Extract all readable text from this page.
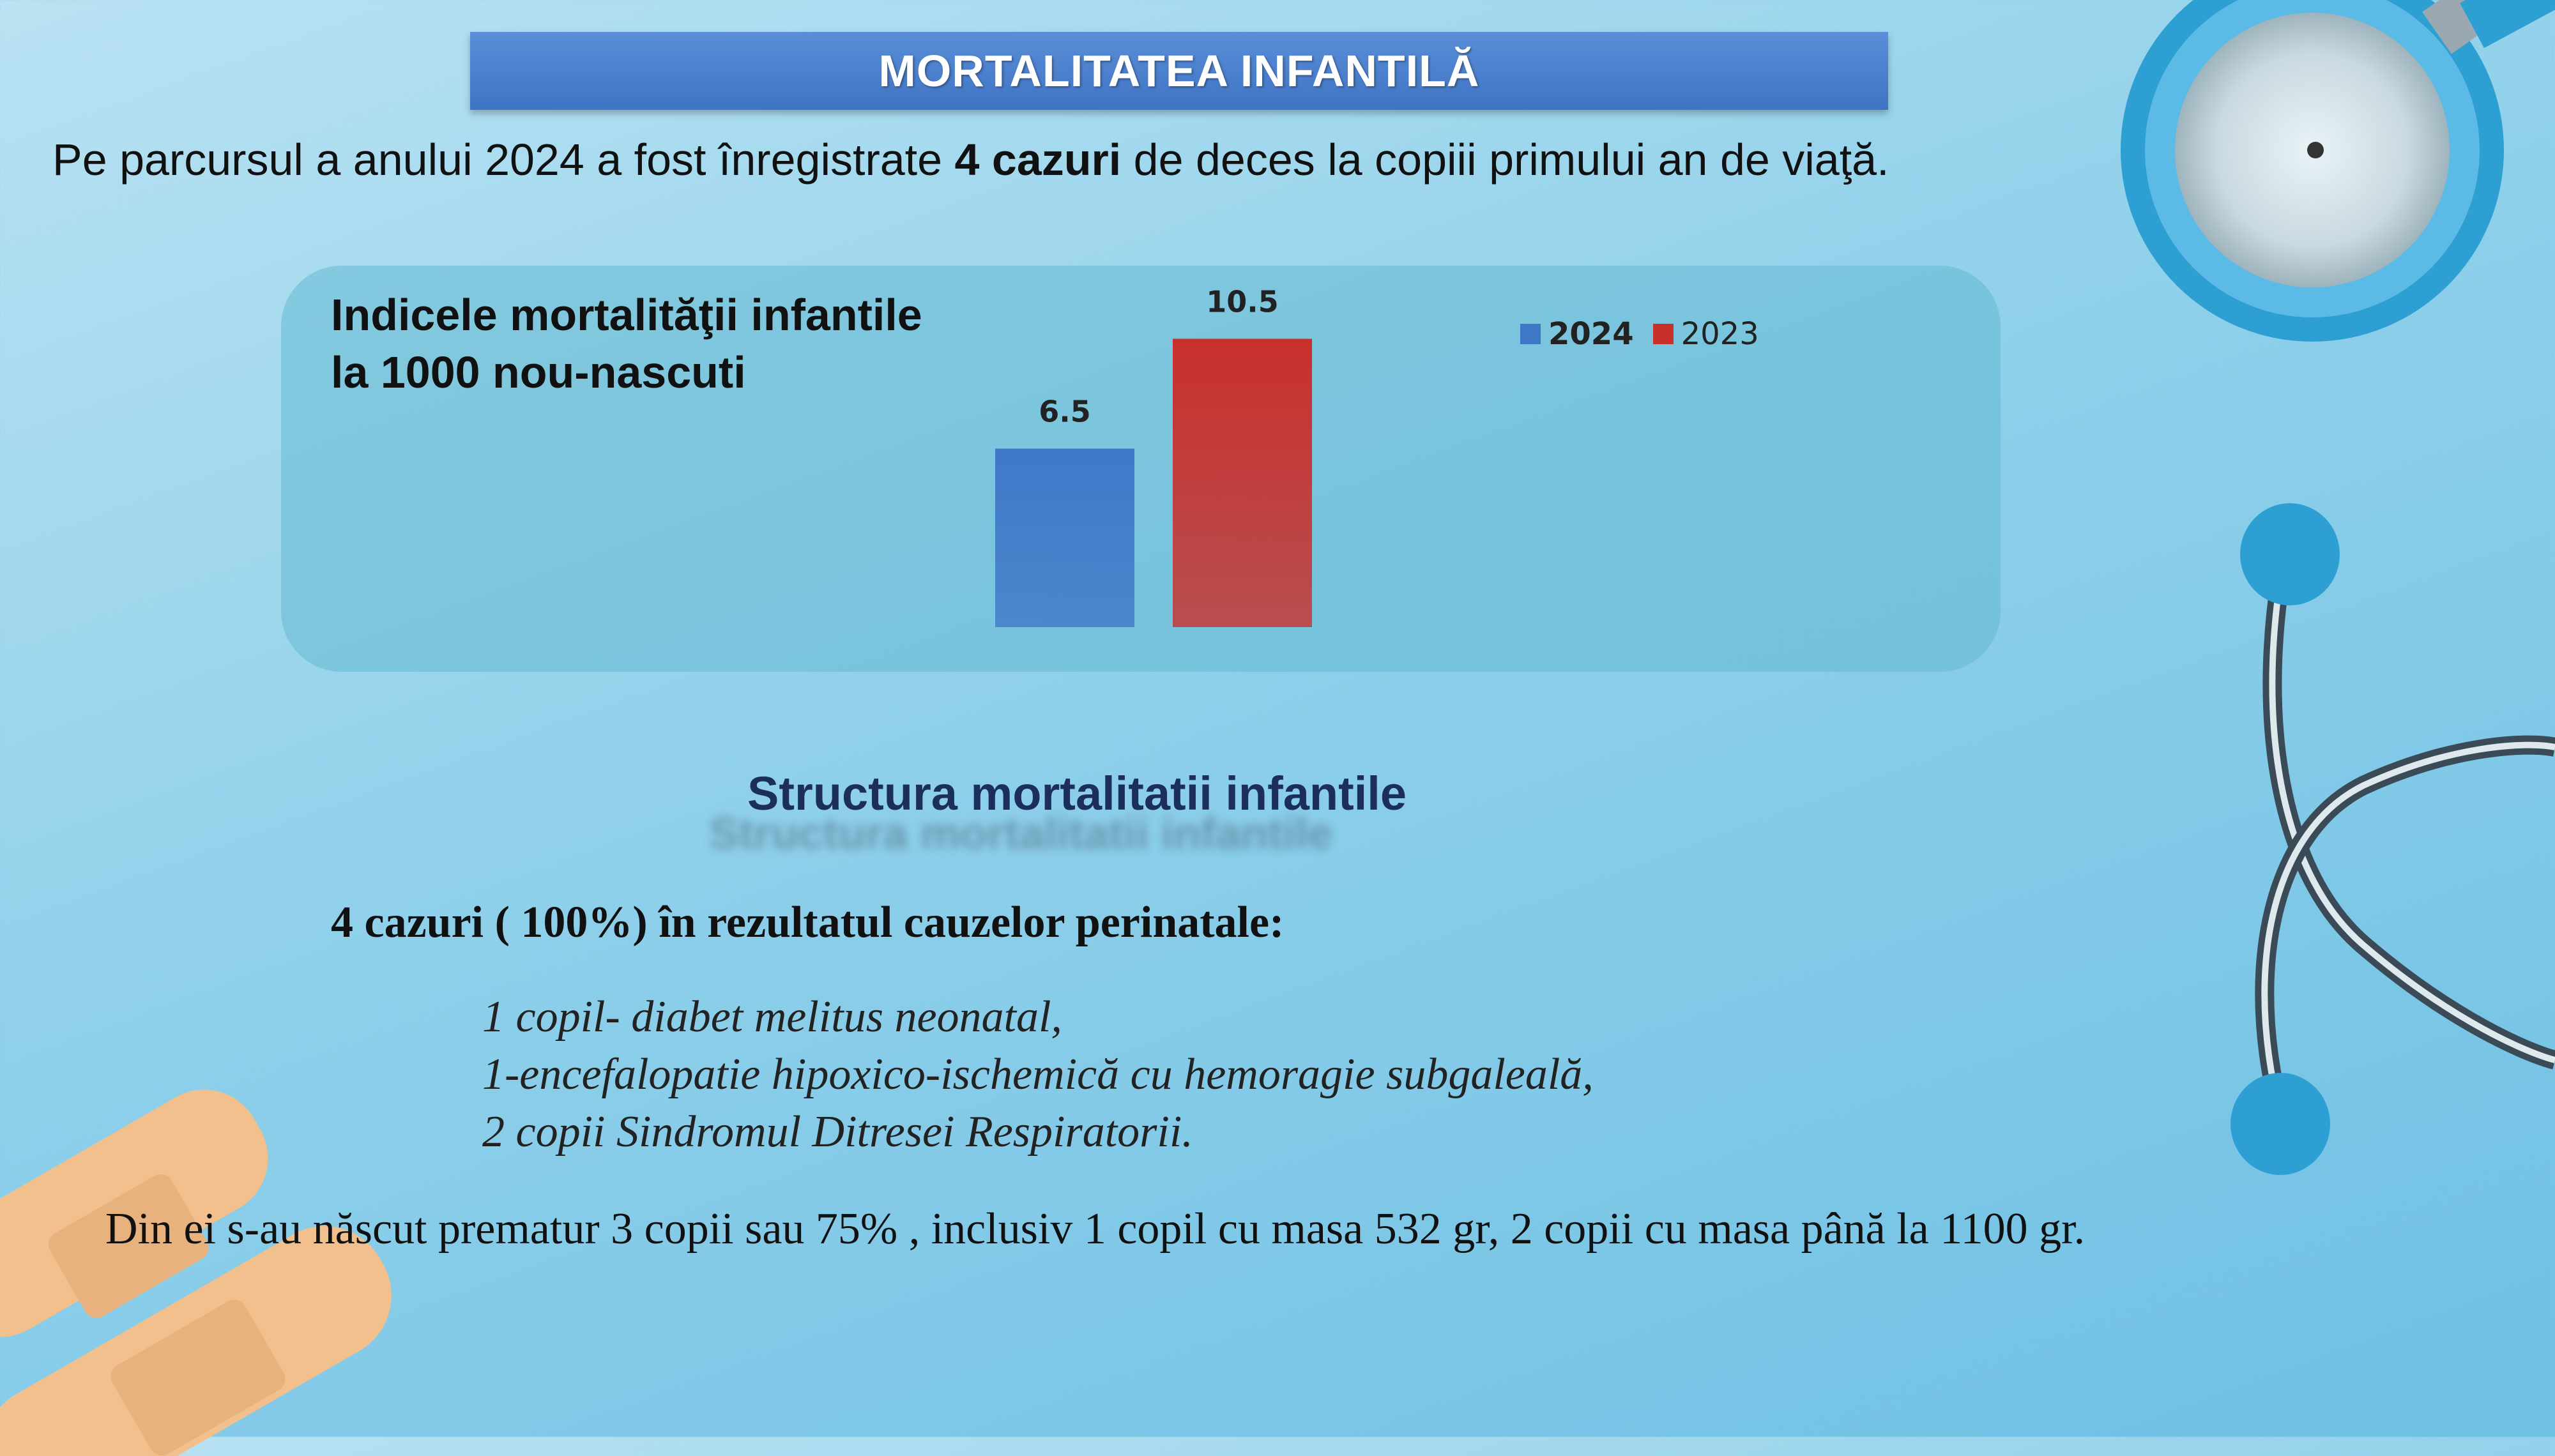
MORTALITATEA INFANTILĂ
Pe parcursul a anului 2024 a fost înregistrate 4 cazuri de deces la copiii primului an de viaţă.
Indicele mortalităţii infantile
la 1000 nou-nascuti
6.5
10.5
2024 2023
Structura mortalitatii infantile
Structura mortalitatii infantile
4 cazuri ( 100%) în rezultatul cauzelor perinatale:
1 copil- diabet melitus neonatal,
1-encefalopatie hipoxico-ischemică cu hemoragie subgaleală,
2 copii Sindromul Ditresei Respiratorii.
Din ei s-au născut prematur 3 copii sau 75% , inclusiv 1 copil cu masa 532 gr, 2 copii cu masa până la 1100 gr.
